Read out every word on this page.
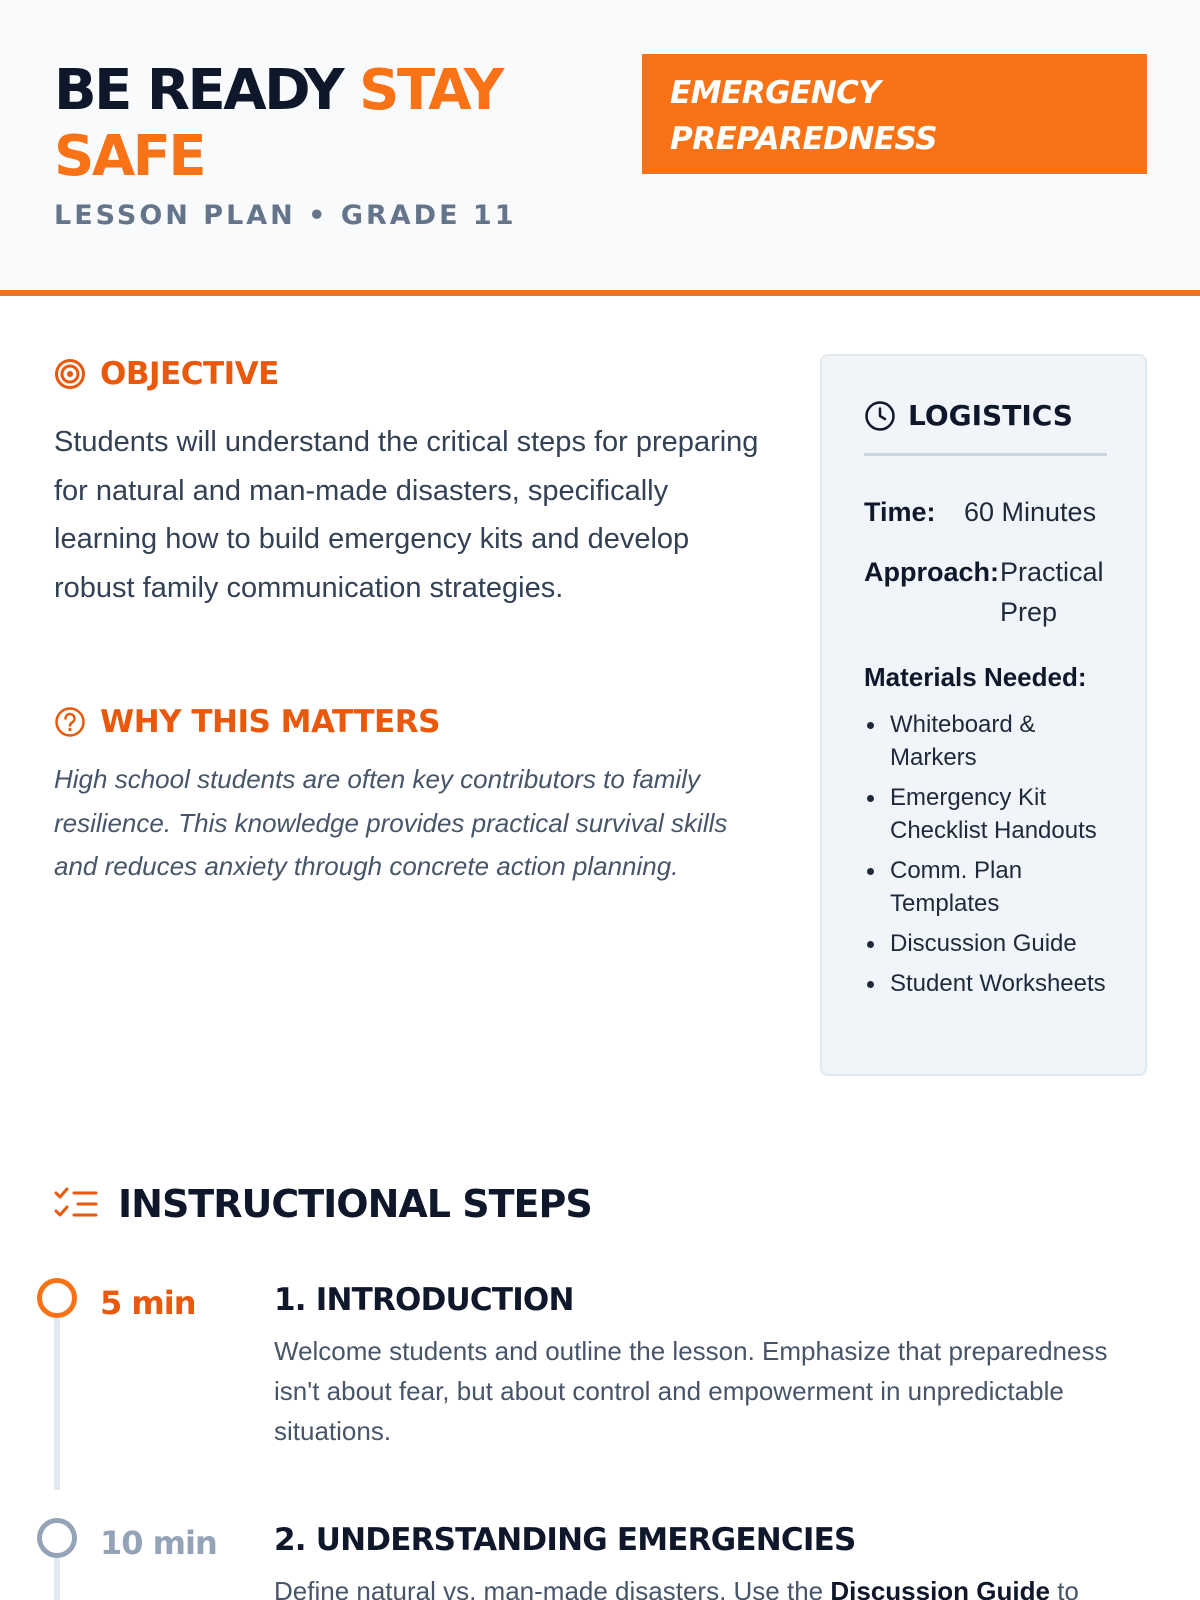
BE READY STAY SAFE
LESSON PLAN • GRADE 11
EMERGENCY
PREPAREDNESS
OBJECTIVE

Students will understand the critical steps for preparing for natural and man-made disasters, specifically learning how to build emergency kits and develop robust family communication strategies.

WHY THIS MATTERS

High school students are often key contributors to family resilience. This knowledge provides practical survival skills and reduces anxiety through concrete action planning.

LOGISTICS
Time:	60 Minutes
Approach: Practical Prep
Materials Needed:
Whiteboard & Markers
Emergency Kit Checklist Handouts
Comm. Plan Templates
Discussion Guide
Student Worksheets
INSTRUCTIONAL STEPS
5 min	1. INTRODUCTION

Welcome students and outline the lesson. Emphasize that preparedness isn't about fear, but about control and empowerment in unpredictable situations.

10 min 2. UNDERSTANDING EMERGENCIES

Define natural vs. man-made disasters. Use the Discussion Guide to
